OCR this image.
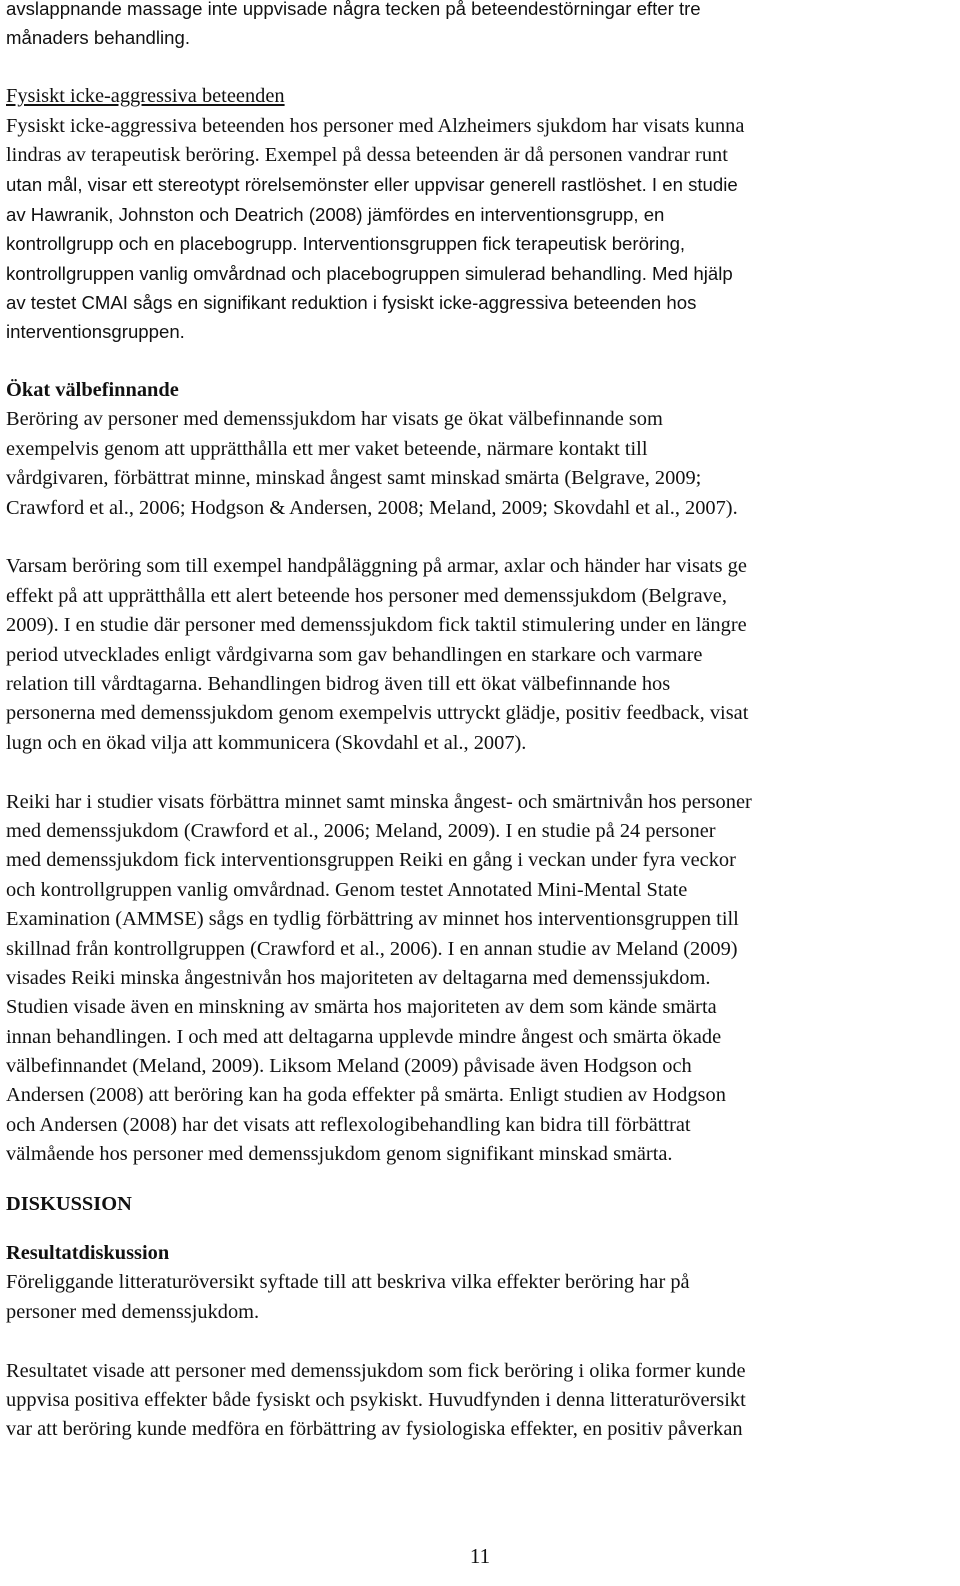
avslappnande massage inte uppvisade några tecken på beteendestörningar efter tre
månaders behandling.
Fysiskt icke-aggressiva beteenden
Fysiskt icke-aggressiva beteenden hos personer med Alzheimers sjukdom har visats kunna
lindras av terapeutisk beröring. Exempel på dessa beteenden är då personen vandrar runt
utan mål, visar ett stereotypt rörelsemönster eller uppvisar generell rastlöshet. I en studie
av Hawranik, Johnston och Deatrich (2008) jämfördes en interventionsgrupp, en
kontrollgrupp och en placebogrupp. Interventionsgruppen fick terapeutisk beröring,
kontrollgruppen vanlig omvårdnad och placebogruppen simulerad behandling. Med hjälp
av testet CMAI sågs en signifikant reduktion i fysiskt icke-aggressiva beteenden hos
interventionsgruppen.
Ökat välbefinnande
Beröring av personer med demenssjukdom har visats ge ökat välbefinnande som
exempelvis genom att upprätthålla ett mer vaket beteende, närmare kontakt till
vårdgivaren, förbättrat minne, minskad ångest samt minskad smärta (Belgrave, 2009;
Crawford et al., 2006; Hodgson & Andersen, 2008; Meland, 2009; Skovdahl et al., 2007).
Varsam beröring som till exempel handpåläggning på armar, axlar och händer har visats ge
effekt på att upprätthålla ett alert beteende hos personer med demenssjukdom (Belgrave,
2009). I en studie där personer med demenssjukdom fick taktil stimulering under en längre
period utvecklades enligt vårdgivarna som gav behandlingen en starkare och varmare
relation till vårdtagarna. Behandlingen bidrog även till ett ökat välbefinnande hos
personerna med demenssjukdom genom exempelvis uttryckt glädje, positiv feedback, visat
lugn och en ökad vilja att kommunicera (Skovdahl et al., 2007).
Reiki har i studier visats förbättra minnet samt minska ångest- och smärtnivån hos personer
med demenssjukdom (Crawford et al., 2006; Meland, 2009). I en studie på 24 personer
med demenssjukdom fick interventionsgruppen Reiki en gång i veckan under fyra veckor
och kontrollgruppen vanlig omvårdnad. Genom testet Annotated Mini-Mental State
Examination (AMMSE) sågs en tydlig förbättring av minnet hos interventionsgruppen till
skillnad från kontrollgruppen (Crawford et al., 2006). I en annan studie av Meland (2009)
visades Reiki minska ångestnivån hos majoriteten av deltagarna med demenssjukdom.
Studien visade även en minskning av smärta hos majoriteten av dem som kände smärta
innan behandlingen. I och med att deltagarna upplevde mindre ångest och smärta ökade
välbefinnandet (Meland, 2009). Liksom Meland (2009) påvisade även Hodgson och
Andersen (2008) att beröring kan ha goda effekter på smärta. Enligt studien av Hodgson
och Andersen (2008) har det visats att reflexologibehandling kan bidra till förbättrat
välmående hos personer med demenssjukdom genom signifikant minskad smärta.
DISKUSSION
Resultatdiskussion
Föreliggande litteraturöversikt syftade till att beskriva vilka effekter beröring har på
personer med demenssjukdom.
Resultatet visade att personer med demenssjukdom som fick beröring i olika former kunde
uppvisa positiva effekter både fysiskt och psykiskt. Huvudfynden i denna litteraturöversikt
var att beröring kunde medföra en förbättring av fysiologiska effekter, en positiv påverkan
11
